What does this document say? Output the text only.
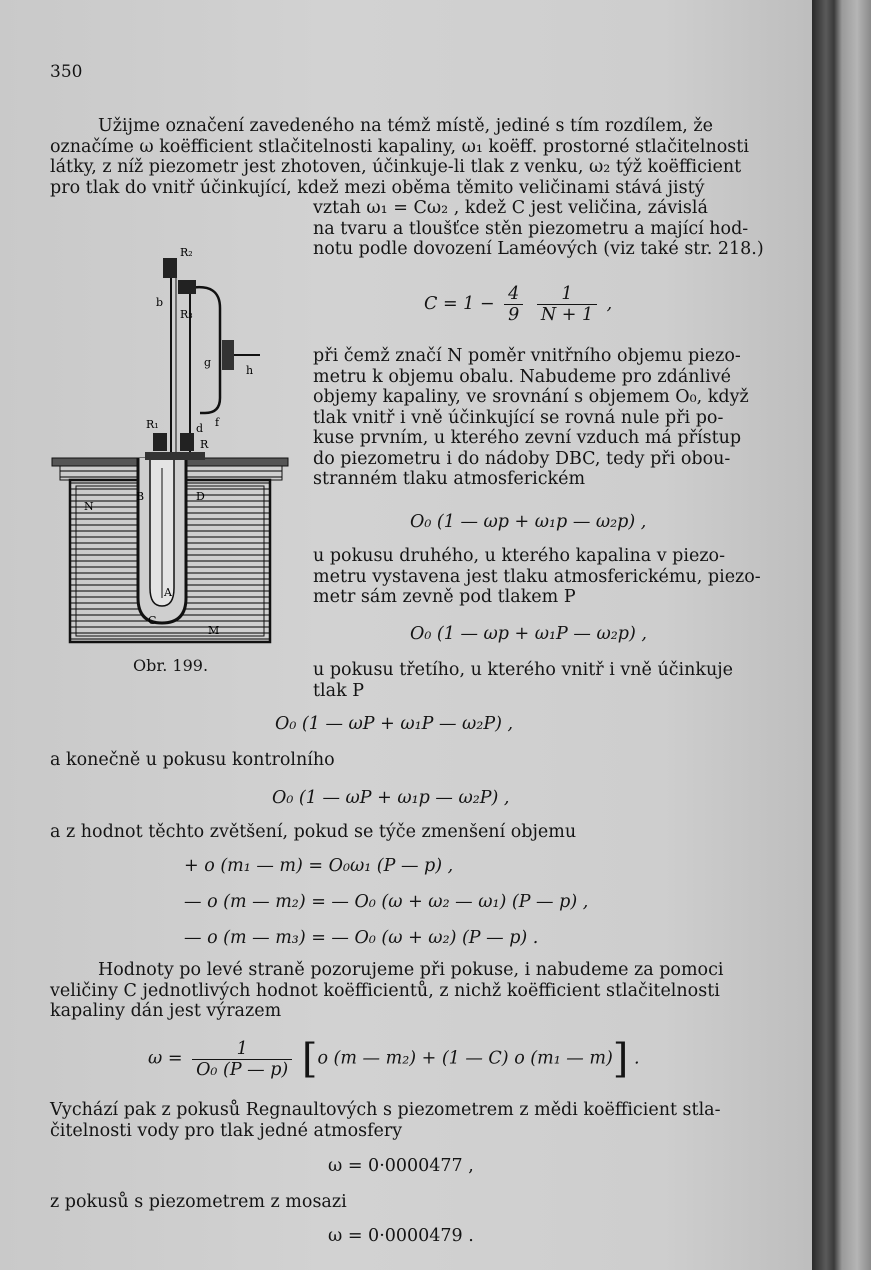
350
Užijme označení zavedeného na témž místě, jediné s tím rozdílem, že
označíme ω koëfficient stlačitelnosti kapaliny, ω₁ koëff. prostorné stlačitelnosti
látky, z níž piezometr jest zhotoven, účinkuje-li tlak z venku, ω₂ týž koëfficient
pro tlak do vnitř účinkující, kdež mezi oběma těmito veličinami stává jistý
vztah ω₁ = Cω₂ , kdež C jest veličina, závislá
na tvaru a tloušťce stěn piezometru a mající hod-
notu podle dovození Laméových (viz také str. 218.)
$C = 1 - \frac{4}{9}$
$\frac{1}{N + 1}$ ,
při čemž značí N poměr vnitřního objemu piezo-
metru k objemu obalu. Nabudeme pro zdánlivé
objemy kapaliny, ve srovnání s objemem O₀, když
tlak vnitř i vně účinkující se rovná nule při po-
kuse prvním, u kterého zevní vzduch má přístup
do piezometru i do nádoby DBC, tedy při obou-
stranném tlaku atmosferickém
O₀ (1 — ωp + ω₁p — ω₂p) ,
u pokusu druhého, u kterého kapalina v piezo-
metru vystavena jest tlaku atmosferickému, piezo-
metr sám zevně pod tlakem P
O₀ (1 — ωp + ω₁P — ω₂p) ,
u pokusu třetího, u kterého vnitř i vně účinkuje
tlak P
Obr. 199.
R₂
b
R₃
g
h
d f
R₁
R
N
B	D
A
C
M
O₀ (1 — ωP + ω₁P — ω₂P) ,
a konečně u pokusu kontrolního
O₀ (1 — ωP + ω₁p — ω₂P) ,
a z hodnot těchto zvětšení, pokud se týče zmenšení objemu
+ o (m₁ — m) = O₀ω₁ (P — p) ,
— o (m — m₂) = — O₀ (ω + ω₂ — ω₁) (P — p) ,
— o (m — m₃) = — O₀ (ω + ω₂) (P — p) .
Hodnoty po levé straně pozorujeme při pokuse, i nabudeme za pomoci
veličiny C jednotlivých hodnot koëfficientů, z nichž koëfficient stlačitelnosti
kapaliny dán jest výrazem
$\omega = \frac{1}{\text{O₀ (P — p)}} [o$ (m — m₂) + (1 — C) o (m₁ — m)] .
Vychází pak z pokusů Regnaultových s piezometrem z mědi koëfficient stla-
čitelnosti vody pro tlak jedné atmosfery
ω = 0·0000477 ,
z pokusů s piezometrem z mosazi
ω = 0·0000479 .
